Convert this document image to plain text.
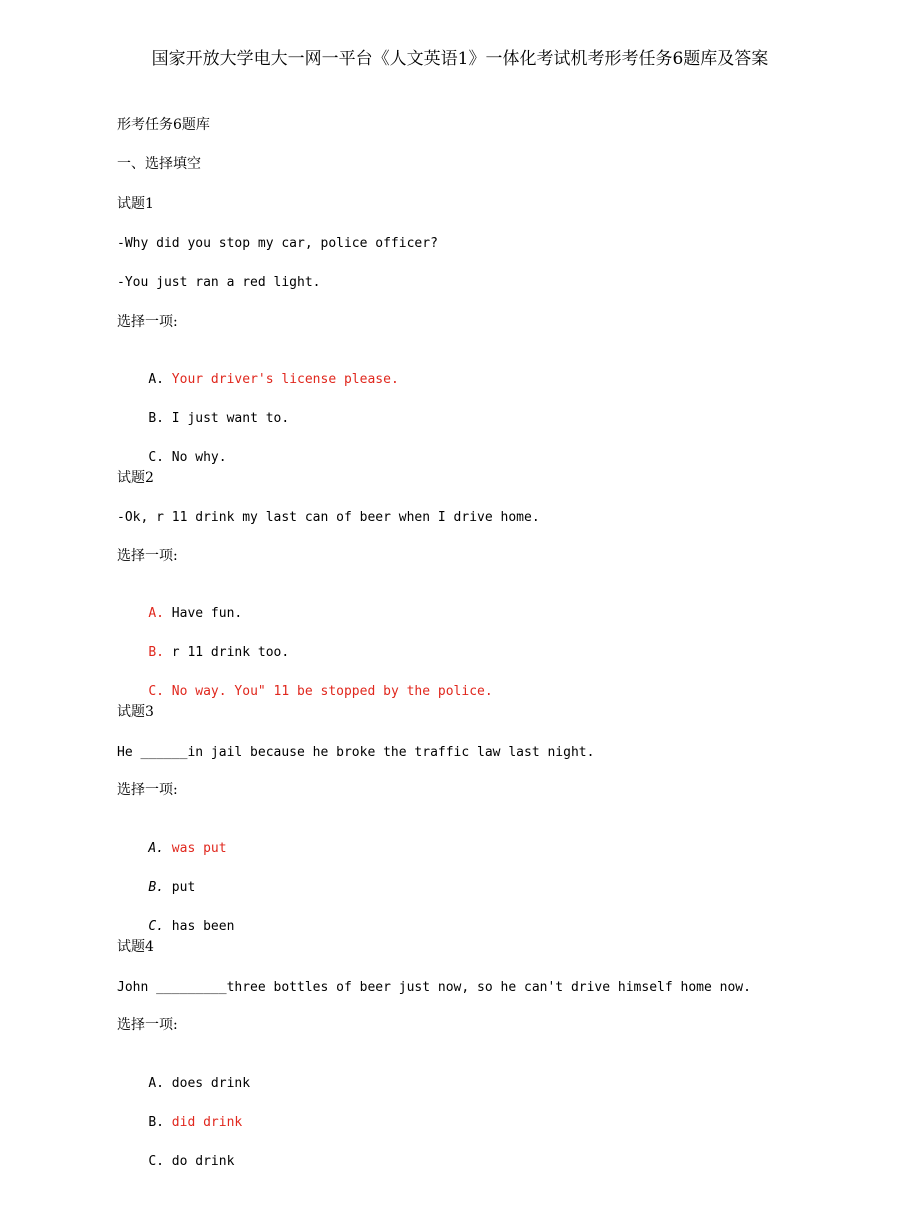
国家开放大学电大一网一平台《人文英语1》一体化考试机考形考任务6题库及答案
形考任务6题库
一、选择填空
试题1
-Why did you stop my car, police officer?
-You just ran a red light.
选择一项:

A. Your driver's license please.

B. I just want to.

C. No why.

试题2
-Ok, r 11 drink my last can of beer when I drive home.
选择一项:

A. Have fun.

B. r 11 drink too.

C. No way. You" 11 be stopped by the police.

试题3
He ______in jail because he broke the traffic law last night.
选择一项:

A. was put

B. put

C. has been

试题4
John _________three bottles of beer just now, so he can't drive himself home now.
选择一项:

A. does drink

B. did drink

C. do drink
